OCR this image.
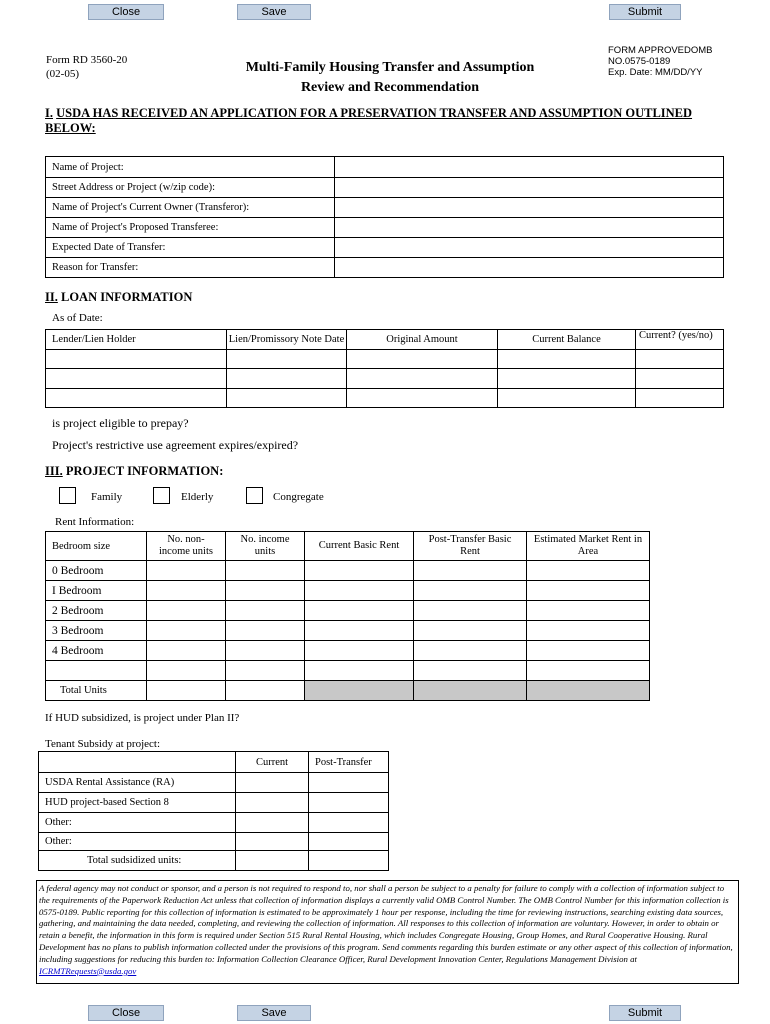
Close	Save	Submit
Form RD 3560-20
(02-05)	Multi-Family Housing Transfer and Assumption
Review and Recommendation
FORM APPROVEDOMB
NO.0575-0189
Exp. Date: MM/DD/YY
I. USDA HAS RECEIVED AN APPLICATION FOR A PRESERVATION TRANSFER AND ASSUMPTION OUTLINED
BELOW:
Name of Project:	
Street Address or Project (w/zip code):	
Name of Project's Current Owner (Transferor):	
Name of Project's Proposed Transferee:	
Expected Date of Transfer:	
Reason for Transfer:	
II. LOAN INFORMATION
As of Date:
Lender/Lien Holder	Lien/Promissory Note Date	Original Amount	Current Balance	Current? (yes/no)

is project eligible to prepay?
Project's restrictive use agreement expires/expired?
III. PROJECT INFORMATION:
Family	Elderly	Congregate
Rent Information:
Bedroom size	No. non-income units	No. income units	Current Basic Rent	Post-Transfer Basic Rent	Estimated Market Rent in Area
0 Bedroom					
I Bedroom					
2 Bedroom					
3 Bedroom					
4 Bedroom					

Total Units					
If HUD subsidized, is project under Plan II?
Tenant Subsidy at project:
	Current	Post-Transfer
USDA Rental Assistance (RA)		
HUD project-based Section 8		
Other:		
Other:		
Total sudsidized units:		
A federal agency may not conduct or sponsor, and a person is not required to respond to, nor shall a person be subject to a penalty for failure to comply with a collection of information subject to the requirements of the Paperwork Reduction Act unless that collection of information displays a currently valid OMB Control Number. The OMB Control Number for this information collection is 0575-0189. Public reporting for this collection of information is estimated to be approximately 1 hour per response, including the time for reviewing instructions, searching existing data sources, gathering, and maintaining the data needed, completing, and reviewing the collection of information. All responses to this collection of information are voluntary. However, in order to obtain or retain a benefit, the information in this form is required under Section 515 Rural Rental Housing, which includes Congregate Housing, Group Homes, and Rural Cooperative Housing. Rural Development has no plans to publish information collected under the provisions of this program. Send comments regarding this burden estimate or any other aspect of this collection of information, including suggestions for reducing this burden to: Information Collection Clearance Officer, Rural Development Innovation Center, Regulations Management Division at ICRMTRequests@usda.gov
Close	Save	Submit
